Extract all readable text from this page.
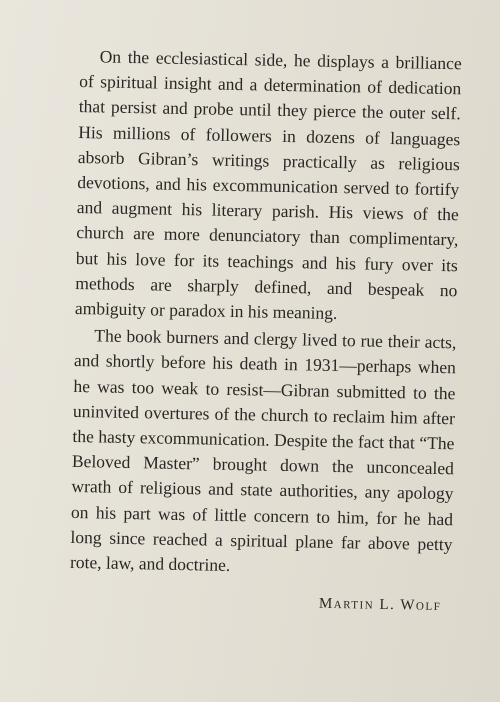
On the ecclesiastical side, he displays a brilliance of spiritual insight and a determination of dedication that persist and probe until they pierce the outer self. His millions of followers in dozens of languages absorb Gibran’s writings practically as religious devotions, and his excommunication served to fortify and augment his literary parish. His views of the church are more denunciatory than complimentary, but his love for its teachings and his fury over its methods are sharply defined, and bespeak no ambiguity or paradox in his meaning.

The book burners and clergy lived to rue their acts, and shortly before his death in 1931—perhaps when he was too weak to resist—Gibran submitted to the uninvited overtures of the church to reclaim him after the hasty excommunication. Despite the fact that “The Beloved Master” brought down the unconcealed wrath of religious and state authorities, any apology on his part was of little concern to him, for he had long since reached a spiritual plane far above petty rote, law, and doctrine.

Martin L. Wolf
